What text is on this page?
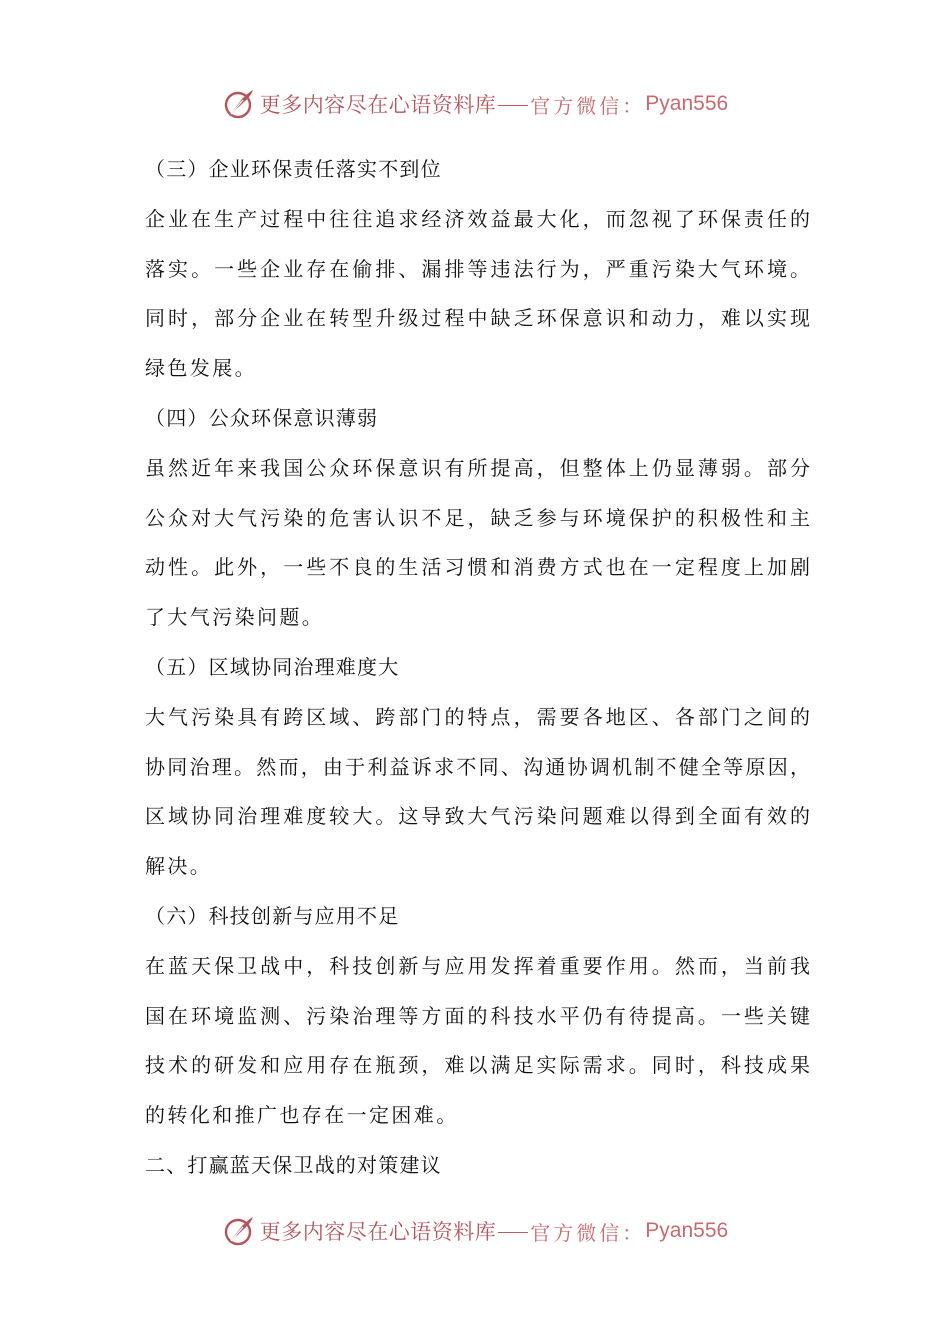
更多内容尽在心语资料库 官方微信： Pyan556
（三）企业环保责任落实不到位
企业在生产过程中往往追求经济效益最大化，而忽视了环保责任的
落实。一些企业存在偷排、漏排等违法行为，严重污染大气环境。
同时，部分企业在转型升级过程中缺乏环保意识和动力，难以实现
绿色发展。
（四）公众环保意识薄弱
虽然近年来我国公众环保意识有所提高，但整体上仍显薄弱。部分
公众对大气污染的危害认识不足，缺乏参与环境保护的积极性和主
动性。此外，一些不良的生活习惯和消费方式也在一定程度上加剧
了大气污染问题。
（五）区域协同治理难度大
大气污染具有跨区域、跨部门的特点，需要各地区、各部门之间的
协同治理。然而，由于利益诉求不同、沟通协调机制不健全等原因，
区域协同治理难度较大。这导致大气污染问题难以得到全面有效的
解决。
（六）科技创新与应用不足
在蓝天保卫战中，科技创新与应用发挥着重要作用。然而，当前我
国在环境监测、污染治理等方面的科技水平仍有待提高。一些关键
技术的研发和应用存在瓶颈，难以满足实际需求。同时，科技成果
的转化和推广也存在一定困难。
二、打赢蓝天保卫战的对策建议
更多内容尽在心语资料库 官方微信： Pyan556
